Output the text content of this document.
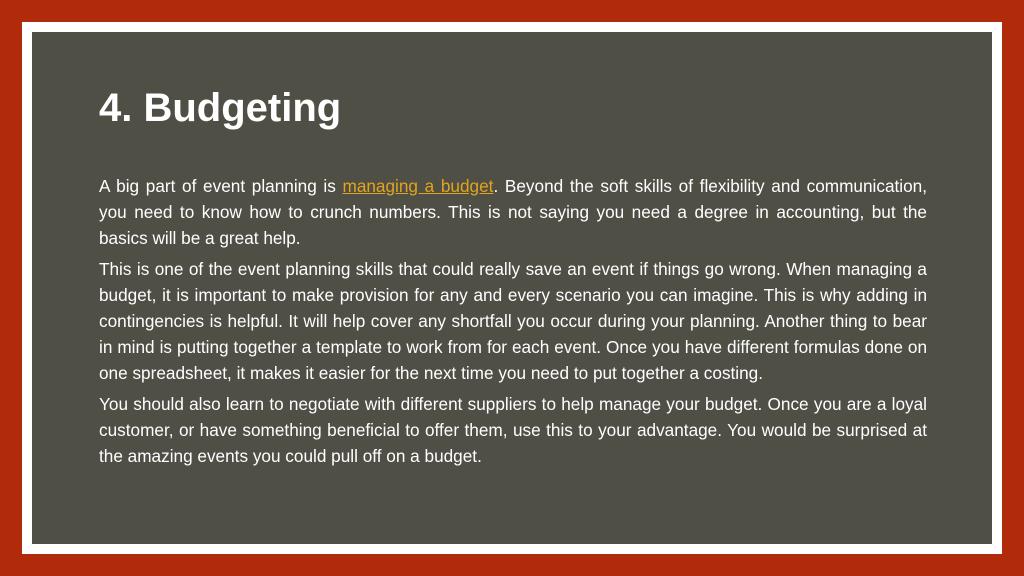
4. Budgeting

A big part of event planning is managing a budget. Beyond the soft skills of flexibility and communication, you need to know how to crunch numbers. This is not saying you need a degree in accounting, but the basics will be a great help.

This is one of the event planning skills that could really save an event if things go wrong. When managing a budget, it is important to make provision for any and every scenario you can imagine. This is why adding in contingencies is helpful. It will help cover any shortfall you occur during your planning. Another thing to bear in mind is putting together a template to work from for each event. Once you have different formulas done on one spreadsheet, it makes it easier for the next time you need to put together a costing.

You should also learn to negotiate with different suppliers to help manage your budget. Once you are a loyal customer, or have something beneficial to offer them, use this to your advantage. You would be surprised at the amazing events you could pull off on a budget.
